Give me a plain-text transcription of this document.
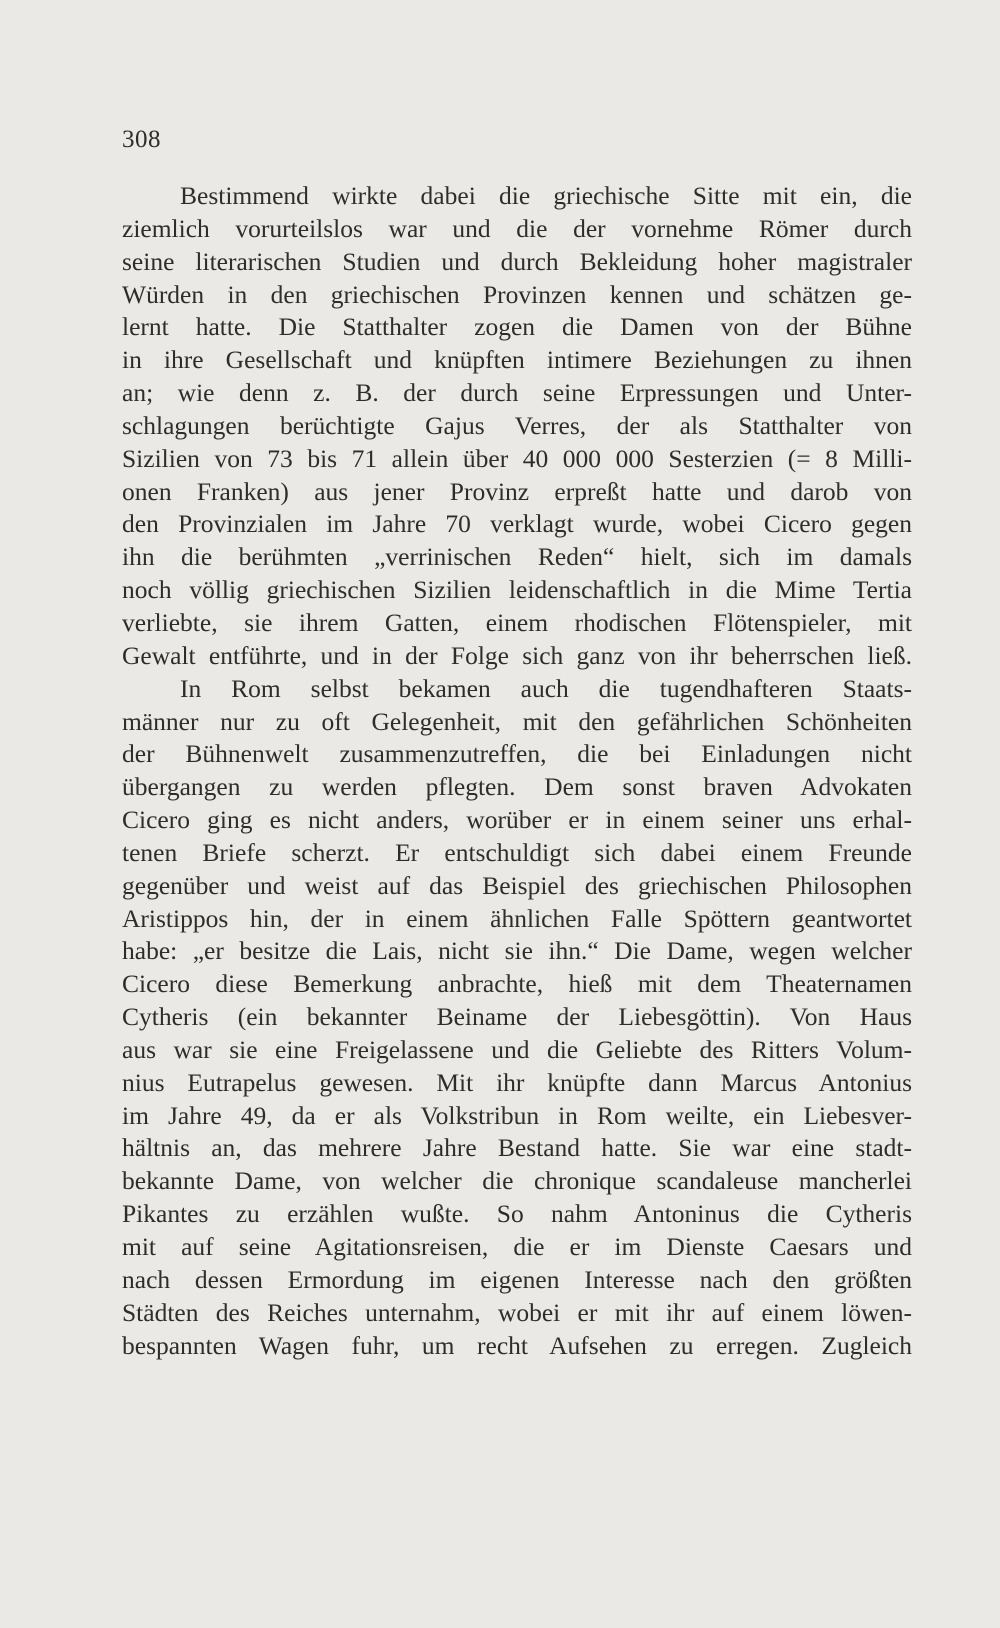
308
Bestimmend wirkte dabei die griechische Sitte mit ein, die
ziemlich vorurteilslos war und die der vornehme Römer durch
seine literarischen Studien und durch Bekleidung hoher magistraler
Würden in den griechischen Provinzen kennen und schätzen ge-
lernt hatte. Die Statthalter zogen die Damen von der Bühne
in ihre Gesellschaft und knüpften intimere Beziehungen zu ihnen
an; wie denn z. B. der durch seine Erpressungen und Unter-
schlagungen berüchtigte Gajus Verres, der als Statthalter von
Sizilien von 73 bis 71 allein über 40 000 000 Sesterzien (= 8 Milli-
onen Franken) aus jener Provinz erpreßt hatte und darob von
den Provinzialen im Jahre 70 verklagt wurde, wobei Cicero gegen
ihn die berühmten „verrinischen Reden“ hielt, sich im damals
noch völlig griechischen Sizilien leidenschaftlich in die Mime Tertia
verliebte, sie ihrem Gatten, einem rhodischen Flötenspieler, mit
Gewalt entführte, und in der Folge sich ganz von ihr beherrschen ließ.
In Rom selbst bekamen auch die tugendhafteren Staats-
männer nur zu oft Gelegenheit, mit den gefährlichen Schönheiten
der Bühnenwelt zusammenzutreffen, die bei Einladungen nicht
übergangen zu werden pflegten. Dem sonst braven Advokaten
Cicero ging es nicht anders, worüber er in einem seiner uns erhal-
tenen Briefe scherzt. Er entschuldigt sich dabei einem Freunde
gegenüber und weist auf das Beispiel des griechischen Philosophen
Aristippos hin, der in einem ähnlichen Falle Spöttern geantwortet
habe: „er besitze die Lais, nicht sie ihn.“ Die Dame, wegen welcher
Cicero diese Bemerkung anbrachte, hieß mit dem Theaternamen
Cytheris (ein bekannter Beiname der Liebesgöttin). Von Haus
aus war sie eine Freigelassene und die Geliebte des Ritters Volum-
nius Eutrapelus gewesen. Mit ihr knüpfte dann Marcus Antonius
im Jahre 49, da er als Volkstribun in Rom weilte, ein Liebesver-
hältnis an, das mehrere Jahre Bestand hatte. Sie war eine stadt-
bekannte Dame, von welcher die chronique scandaleuse mancherlei
Pikantes zu erzählen wußte. So nahm Antoninus die Cytheris
mit auf seine Agitationsreisen, die er im Dienste Caesars und
nach dessen Ermordung im eigenen Interesse nach den größten
Städten des Reiches unternahm, wobei er mit ihr auf einem löwen-
bespannten Wagen fuhr, um recht Aufsehen zu erregen. Zugleich
